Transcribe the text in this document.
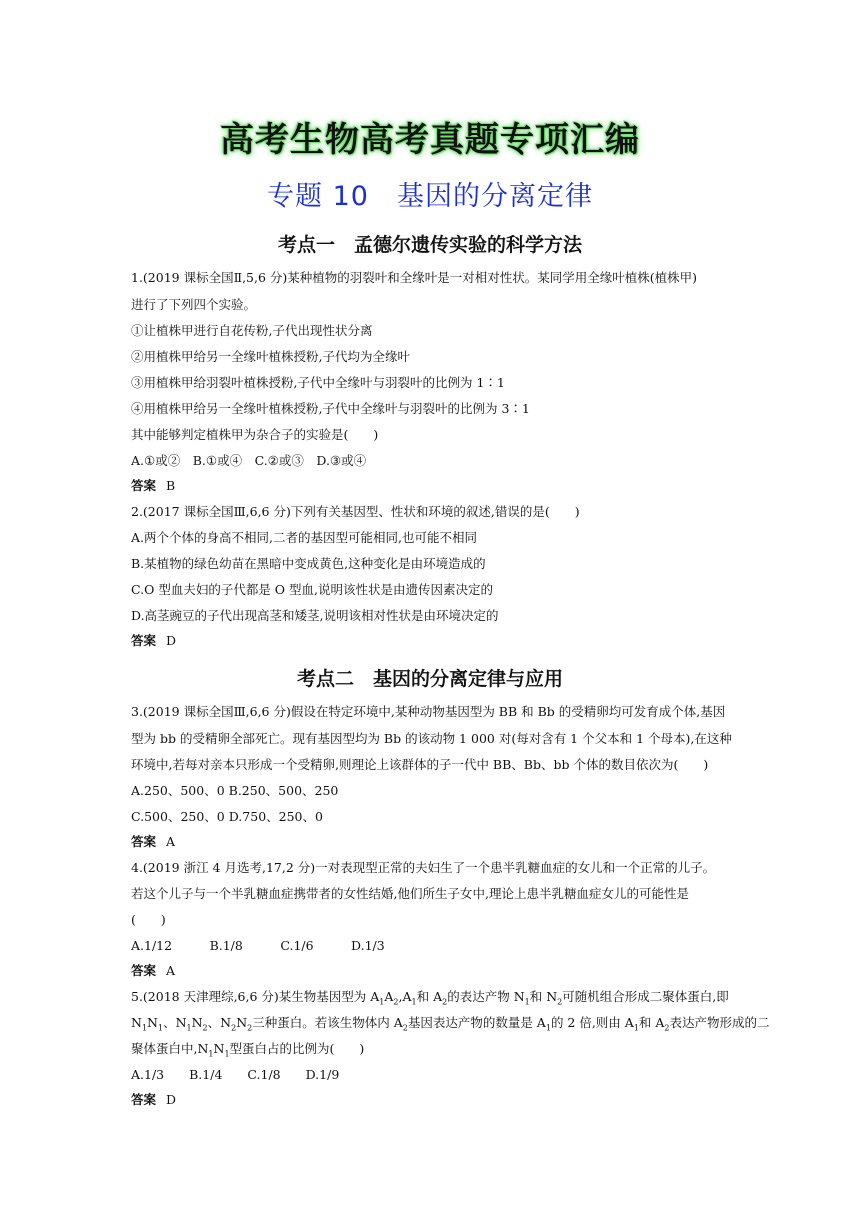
高考生物高考真题专项汇编
专题 10　基因的分离定律
考点一　孟德尔遗传实验的科学方法
1.(2019 课标全国Ⅱ,5,6 分)某种植物的羽裂叶和全缘叶是一对相对性状。某同学用全缘叶植株(植株甲)
进行了下列四个实验。
①让植株甲进行自花传粉,子代出现性状分离
②用植株甲给另一全缘叶植株授粉,子代均为全缘叶
③用植株甲给羽裂叶植株授粉,子代中全缘叶与羽裂叶的比例为 1∶1
④用植株甲给另一全缘叶植株授粉,子代中全缘叶与羽裂叶的比例为 3∶1
其中能够判定植株甲为杂合子的实验是(　　)
A.①或②　B.①或④　C.②或③　D.③或④
答案 B
2.(2017 课标全国Ⅲ,6,6 分)下列有关基因型、性状和环境的叙述,错误的是(　　)
A.两个个体的身高不相同,二者的基因型可能相同,也可能不相同
B.某植物的绿色幼苗在黑暗中变成黄色,这种变化是由环境造成的
C.O 型血夫妇的子代都是 O 型血,说明该性状是由遗传因素决定的
D.高茎豌豆的子代出现高茎和矮茎,说明该相对性状是由环境决定的
答案 D
考点二　基因的分离定律与应用
3.(2019 课标全国Ⅲ,6,6 分)假设在特定环境中,某种动物基因型为 BB 和 Bb 的受精卵均可发育成个体,基因
型为 bb 的受精卵全部死亡。现有基因型均为 Bb 的该动物 1 000 对(每对含有 1 个父本和 1 个母本),在这种
环境中,若每对亲本只形成一个受精卵,则理论上该群体的子一代中 BB、Bb、bb 个体的数目依次为(　　)
A.250、500、0 B.250、500、250
C.500、250、0 D.750、250、0
答案 A
4.(2019 浙江 4 月选考,17,2 分)一对表现型正常的夫妇生了一个患半乳糖血症的女儿和一个正常的儿子。
若这个儿子与一个半乳糖血症携带者的女性结婚,他们所生子女中,理论上患半乳糖血症女儿的可能性是
(　　)
A.1/12　　　B.1/8　　　C.1/6　　　D.1/3
答案 A
5.(2018 天津理综,6,6 分)某生物基因型为 $A_1A_2,A_1$和 $A_2$的表达产物 $N_1$和 $N_2$可随机组合形成二聚体蛋白,即
$N_1N_1$、$N_1N_2$、$N_2N_2$三种蛋白。若该生物体内 $A_2$基因表达产物的数量是 $A_1$的 2 倍,则由 $A_1$和 $A_2$表达产物形成的二
聚体蛋白中$,N_1N_1$型蛋白占的比例为(　　)
A.1/3　　B.1/4　　C.1/8　　D.1/9
答案 D
